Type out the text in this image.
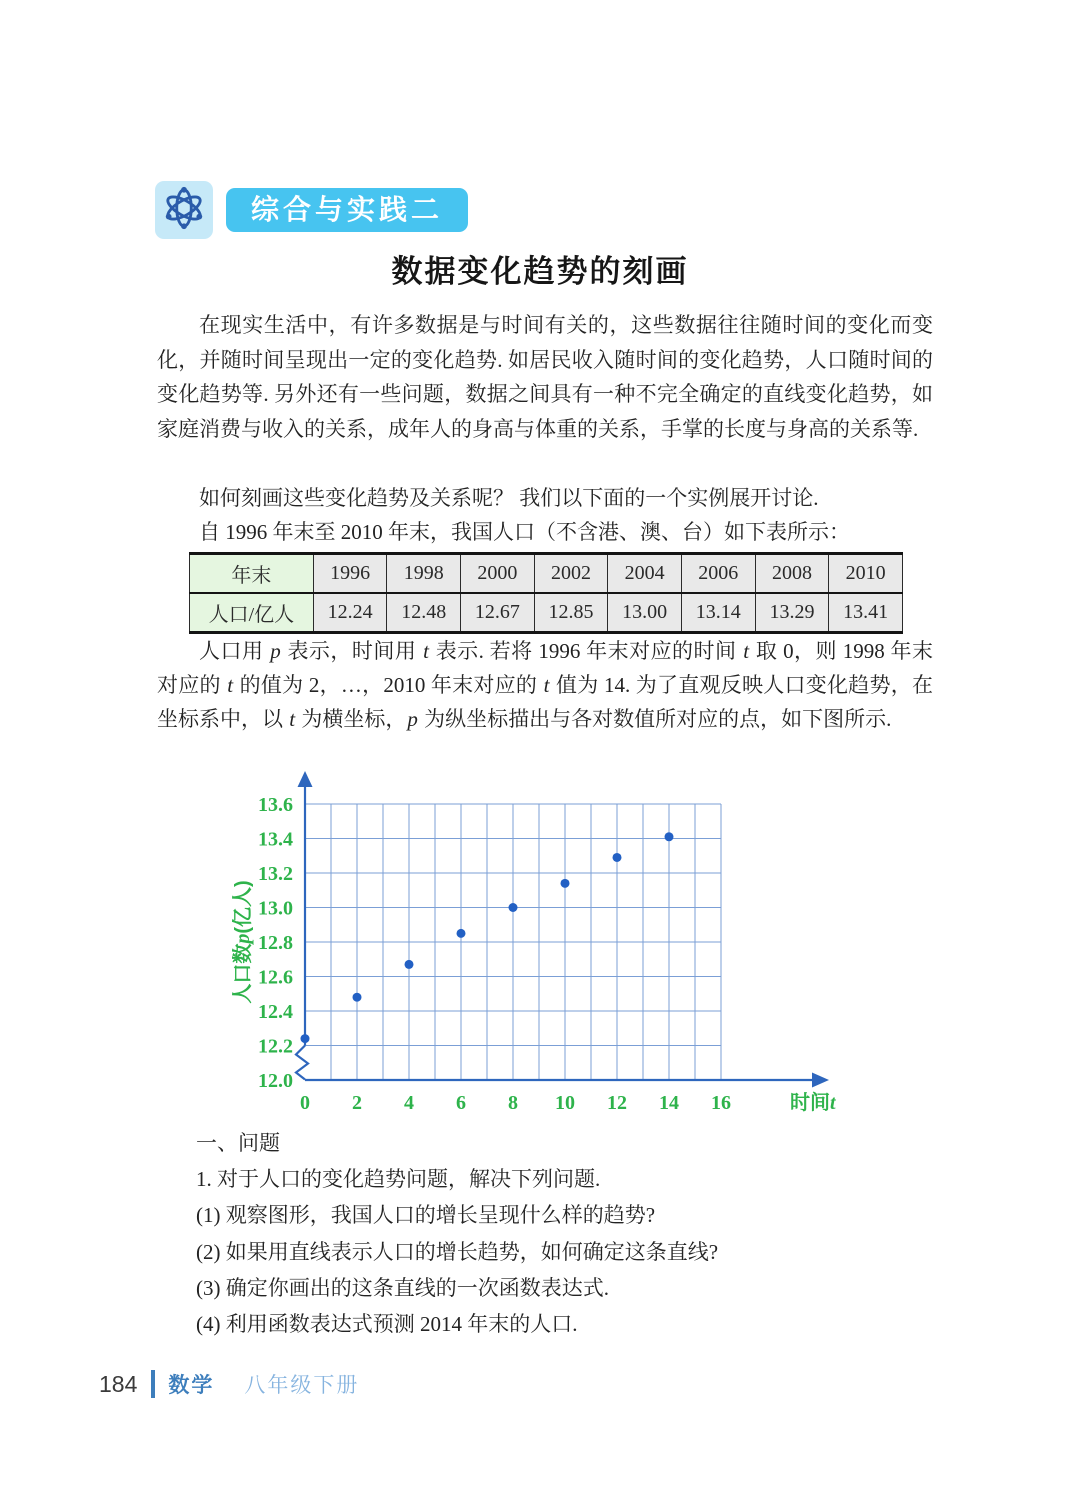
综合与实践二
数据变化趋势的刻画

在现实生活中，有许多数据是与时间有关的，这些数据往往随时间的变化而变化，并随时间呈现出一定的变化趋势. 如居民收入随时间的变化趋势，人口随时间的变化趋势等. 另外还有一些问题，数据之间具有一种不完全确定的直线变化趋势，如家庭消费与收入的关系，成年人的身高与体重的关系，手掌的长度与身高的关系等.

如何刻画这些变化趋势及关系呢？ 我们以下面的一个实例展开讨论.

自 1996 年末至 2010 年末，我国人口（不含港、澳、台）如下表所示：

年末	1996	1998	2000	2002	2004	2006	2008	2010
人口/亿人	12.24	12.48	12.67	12.85	13.00	13.14	13.29	13.41

人口用 p 表示，时间用 t 表示. 若将 1996 年末对应的时间 t 取 0，则 1998 年末对应的 t 的值为 2，…，2010 年末对应的 t 值为 14. 为了直观反映人口变化趋势，在坐标系中，以 t 为横坐标，p 为纵坐标描出与各对数值所对应的点，如下图所示.

12.0
12.2
12.4
12.6
12.8
13.0
13.2
13.4
13.6
0 2 4 6 8 10 12 14 16	时间t
人口数p(亿人)

一、问题

1. 对于人口的变化趋势问题，解决下列问题.

(1) 观察图形，我国人口的增长呈现什么样的趋势?

(2) 如果用直线表示人口的增长趋势，如何确定这条直线?

(3) 确定你画出的这条直线的一次函数表达式.

(4) 利用函数表达式预测 2014 年末的人口.

184 数学 八年级下册
